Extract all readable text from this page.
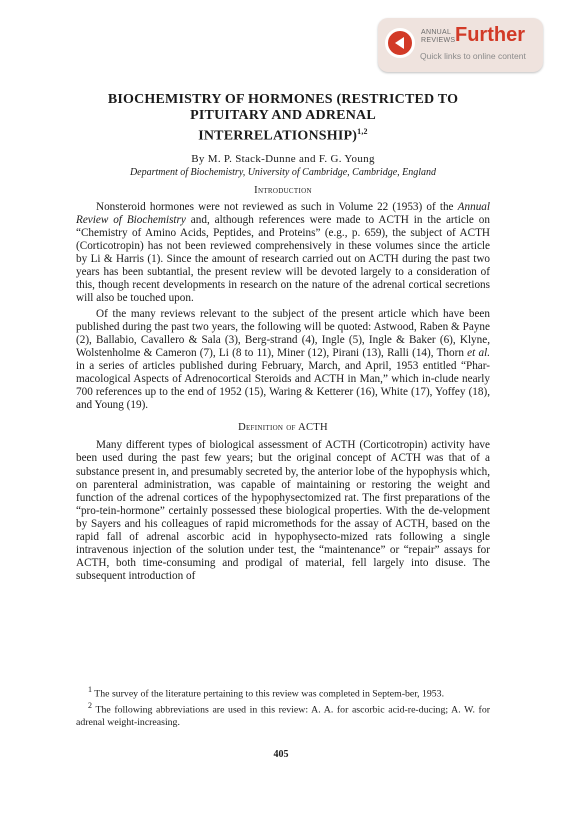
ANNUAL
REVIEWS Further
Quick links to online content
BIOCHEMISTRY OF HORMONES (RESTRICTED TO
PITUITARY AND ADRENAL
INTERRELATIONSHIP)$^{1,2}$
By M. P. Stack-Dunne and F. G. Young
Department of Biochemistry, University of Cambridge, Cambridge, England
Introduction

Nonsteroid hormones were not reviewed as such in Volume 22 (1953) of the Annual Review of Biochemistry and, although references were made to ACTH in the article on “Chemistry of Amino Acids, Peptides, and Proteins” (e.g., p. 659), the subject of ACTH (Corticotropin) has not been reviewed comprehensively in these volumes since the article by Li & Harris (1). Since the amount of research carried out on ACTH during the past two years has been subtantial, the present review will be devoted largely to a consideration of this, though recent developments in research on the nature of the adrenal cortical secretions will also be touched upon.

Of the many reviews relevant to the subject of the present article which have been published during the past two years, the following will be quoted: Astwood, Raben & Payne (2), Ballabio, Cavallero & Sala (3), Berg-strand (4), Ingle (5), Ingle & Baker (6), Klyne, Wolstenholme & Cameron (7), Li (8 to 11), Miner (12), Pirani (13), Ralli (14), Thorn et al. in a series of articles published during February, March, and April, 1953 entitled “Phar-macological Aspects of Adrenocortical Steroids and ACTH in Man,” which in-clude nearly 700 references up to the end of 1952 (15), Waring & Ketterer (16), White (17), Yoffey (18), and Young (19).

Definition of ACTH

Many different types of biological assessment of ACTH (Corticotropin) activity have been used during the past few years; but the original concept of ACTH was that of a substance present in, and presumably secreted by, the anterior lobe of the hypophysis which, on parenteral administration, was capable of maintaining or restoring the weight and function of the adrenal cortices of the hypophysectomized rat. The first preparations of the “pro-tein-hormone” certainly possessed these biological properties. With the de-velopment by Sayers and his colleagues of rapid micromethods for the assay of ACTH, based on the rapid fall of adrenal ascorbic acid in hypophysecto-mized rats following a single intravenous injection of the solution under test, the “maintenance” or “repair” assays for ACTH, both time-consuming and prodigal of material, fell largely into disuse. The subsequent introduction of

$^1$ The survey of the literature pertaining to this review was completed in Septem-ber, 1953.

$^2$ The following abbreviations are used in this review: A. A. for ascorbic acid-re-ducing; A. W. for adrenal weight-increasing.

405
